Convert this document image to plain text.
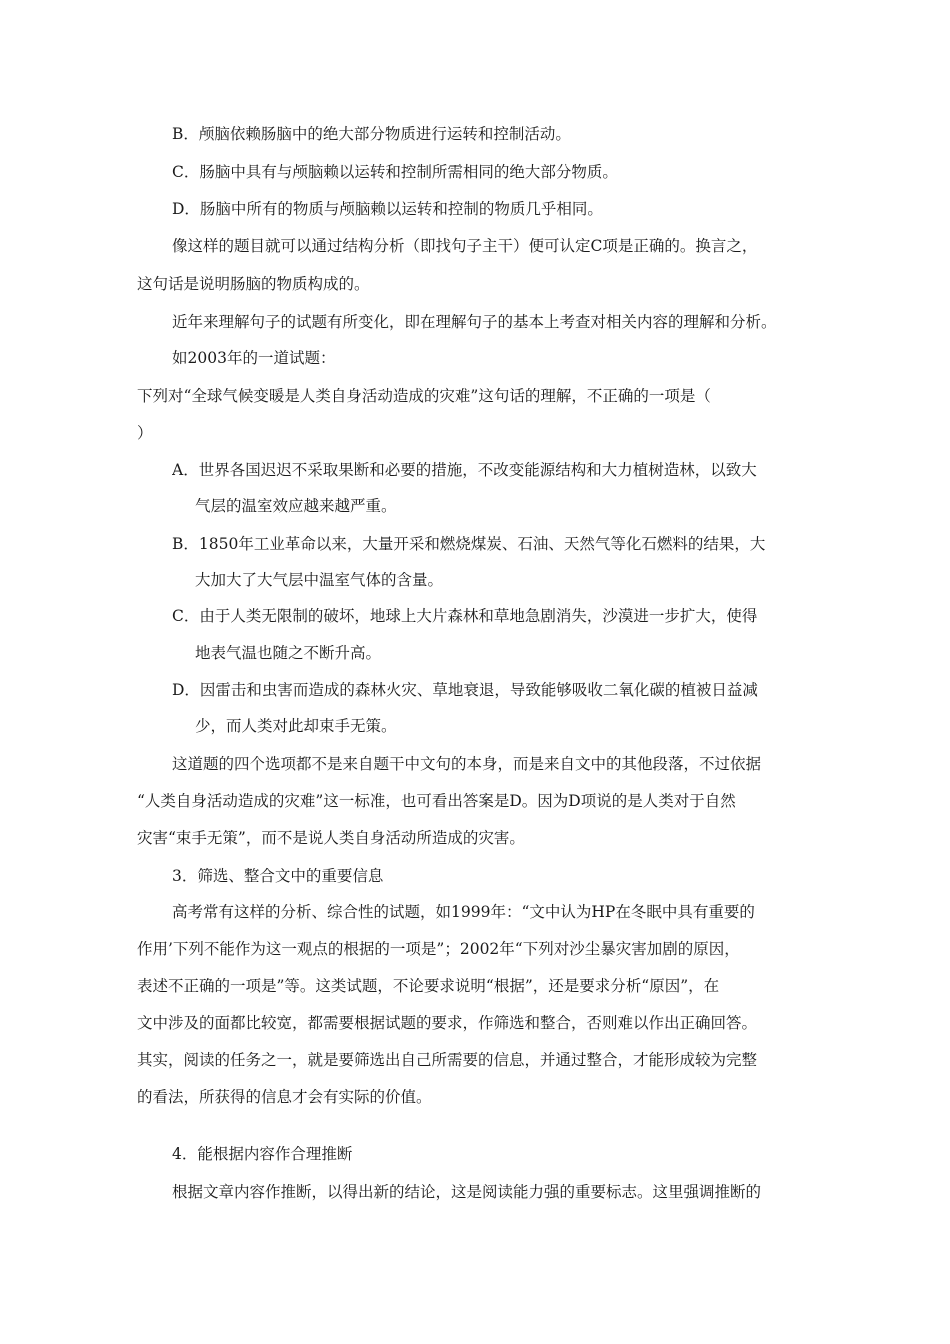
B．颅脑依赖肠脑中的绝大部分物质进行运转和控制活动。
C．肠脑中具有与颅脑赖以运转和控制所需相同的绝大部分物质。
D．肠脑中所有的物质与颅脑赖以运转和控制的物质几乎相同。
像这样的题目就可以通过结构分析（即找句子主干）便可认定C项是正确的。换言之，
这句话是说明肠脑的物质构成的。
近年来理解句子的试题有所变化，即在理解句子的基本上考查对相关内容的理解和分析。
如2003年的一道试题：
下列对“全球气候变暖是人类自身活动造成的灾难”这句话的理解，不正确的一项是（
）
A．世界各国迟迟不采取果断和必要的措施，不改变能源结构和大力植树造林，以致大
气层的温室效应越来越严重。
B．1850年工业革命以来，大量开采和燃烧煤炭、石油、天然气等化石燃料的结果，大
大加大了大气层中温室气体的含量。
C．由于人类无限制的破坏，地球上大片森林和草地急剧消失，沙漠进一步扩大，使得
地表气温也随之不断升高。
D．因雷击和虫害而造成的森林火灾、草地衰退，导致能够吸收二氧化碳的植被日益减
少，而人类对此却束手无策。
这道题的四个选项都不是来自题干中文句的本身，而是来自文中的其他段落，不过依据
“人类自身活动造成的灾难”这一标准，也可看出答案是D。因为D项说的是人类对于自然
灾害“束手无策”，而不是说人类自身活动所造成的灾害。
3．筛选、整合文中的重要信息
高考常有这样的分析、综合性的试题，如1999年：“文中认为HP在冬眠中具有重要的
作用’下列不能作为这一观点的根据的一项是”；2002年“下列对沙尘暴灾害加剧的原因，
表述不正确的一项是”等。这类试题，不论要求说明“根据”，还是要求分析“原因”，在
文中涉及的面都比较宽，都需要根据试题的要求，作筛选和整合，否则难以作出正确回答。
其实，阅读的任务之一，就是要筛选出自己所需要的信息，并通过整合，才能形成较为完整
的看法，所获得的信息才会有实际的价值。
4．能根据内容作合理推断
根据文章内容作推断，以得出新的结论，这是阅读能力强的重要标志。这里强调推断的
